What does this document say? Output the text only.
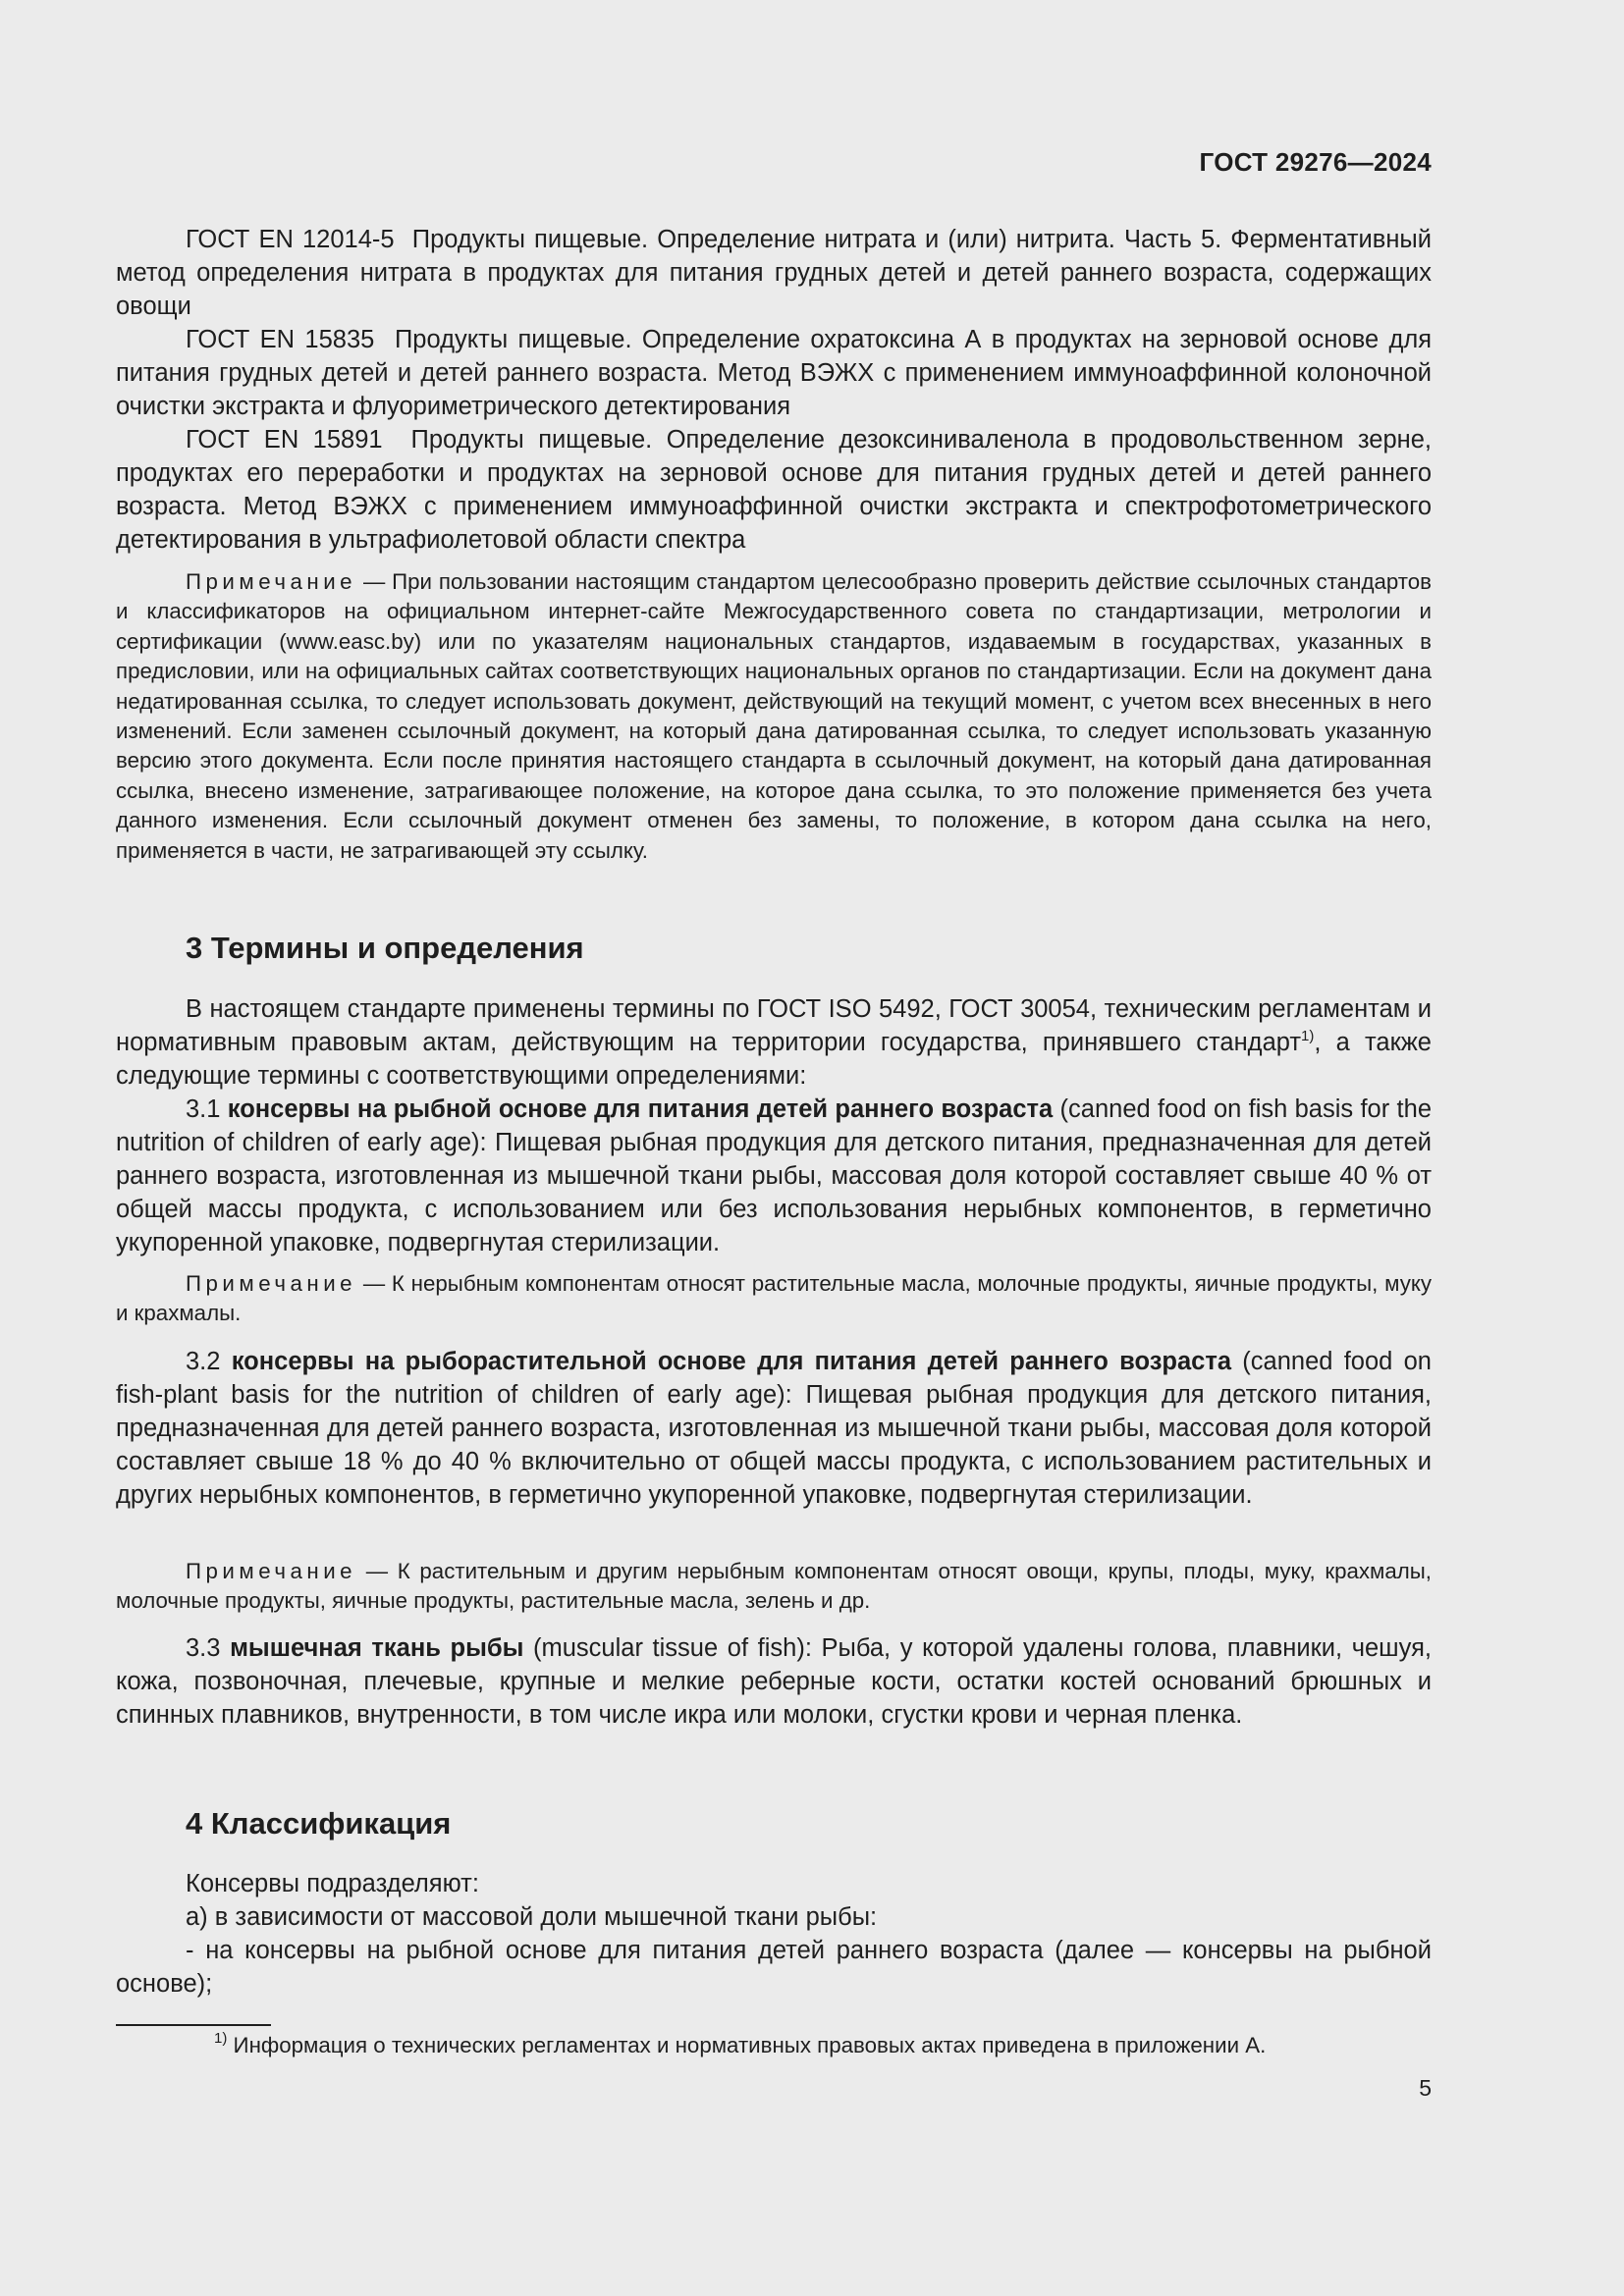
ГОСТ 29276—2024

ГОСТ EN 12014-5 Продукты пищевые. Определение нитрата и (или) нитрита. Часть 5. Ферментативный метод определения нитрата в продуктах для питания грудных детей и детей раннего возраста, содержащих овощи

ГОСТ EN 15835 Продукты пищевые. Определение охратоксина А в продуктах на зерновой основе для питания грудных детей и детей раннего возраста. Метод ВЭЖХ с применением иммуноаффинной колоночной очистки экстракта и флуориметрического детектирования

ГОСТ EN 15891 Продукты пищевые. Определение дезоксиниваленола в продовольственном зерне, продуктах его переработки и продуктах на зерновой основе для питания грудных детей и детей раннего возраста. Метод ВЭЖХ с применением иммуноаффинной очистки экстракта и спектрофотометрического детектирования в ультрафиолетовой области спектра

Примечание — При пользовании настоящим стандартом целесообразно проверить действие ссылочных стандартов и классификаторов на официальном интернет-сайте Межгосударственного совета по стандартизации, метрологии и сертификации (www.easc.by) или по указателям национальных стандартов, издаваемым в государствах, указанных в предисловии, или на официальных сайтах соответствующих национальных органов по стандартизации. Если на документ дана недатированная ссылка, то следует использовать документ, действующий на текущий момент, с учетом всех внесенных в него изменений. Если заменен ссылочный документ, на который дана датированная ссылка, то следует использовать указанную версию этого документа. Если после принятия настоящего стандарта в ссылочный документ, на который дана датированная ссылка, внесено изменение, затрагивающее положение, на которое дана ссылка, то это положение применяется без учета данного изменения. Если ссылочный документ отменен без замены, то положение, в котором дана ссылка на него, применяется в части, не затрагивающей эту ссылку.

3 Термины и определения

В настоящем стандарте применены термины по ГОСТ ISO 5492, ГОСТ 30054, техническим регламентам и нормативным правовым актам, действующим на территории государства, принявшего стандарт$^{1)}$, а также следующие термины с соответствующими определениями:

3.1 консервы на рыбной основе для питания детей раннего возраста (canned food on fish basis for the nutrition of children of early age): Пищевая рыбная продукция для детского питания, предназначенная для детей раннего возраста, изготовленная из мышечной ткани рыбы, массовая доля которой составляет свыше 40 % от общей массы продукта, с использованием или без использования нерыбных компонентов, в герметично укупоренной упаковке, подвергнутая стерилизации.

Примечание — К нерыбным компонентам относят растительные масла, молочные продукты, яичные продукты, муку и крахмалы.

3.2 консервы на рыборастительной основе для питания детей раннего возраста (canned food on fish-plant basis for the nutrition of children of early age): Пищевая рыбная продукция для детского питания, предназначенная для детей раннего возраста, изготовленная из мышечной ткани рыбы, массовая доля которой составляет свыше 18 % до 40 % включительно от общей массы продукта, с использованием растительных и других нерыбных компонентов, в герметично укупоренной упаковке, подвергнутая стерилизации.

Примечание — К растительным и другим нерыбным компонентам относят овощи, крупы, плоды, муку, крахмалы, молочные продукты, яичные продукты, растительные масла, зелень и др.

3.3 мышечная ткань рыбы (muscular tissue of fish): Рыба, у которой удалены голова, плавники, чешуя, кожа, позвоночная, плечевые, крупные и мелкие реберные кости, остатки костей оснований брюшных и спинных плавников, внутренности, в том числе икра или молоки, сгустки крови и черная пленка.

4 Классификация

Консервы подразделяют:

а) в зависимости от массовой доли мышечной ткани рыбы:

- на консервы на рыбной основе для питания детей раннего возраста (далее — консервы на рыбной основе);

$^{1)}$ Информация о технических регламентах и нормативных правовых актах приведена в приложении А.
5
